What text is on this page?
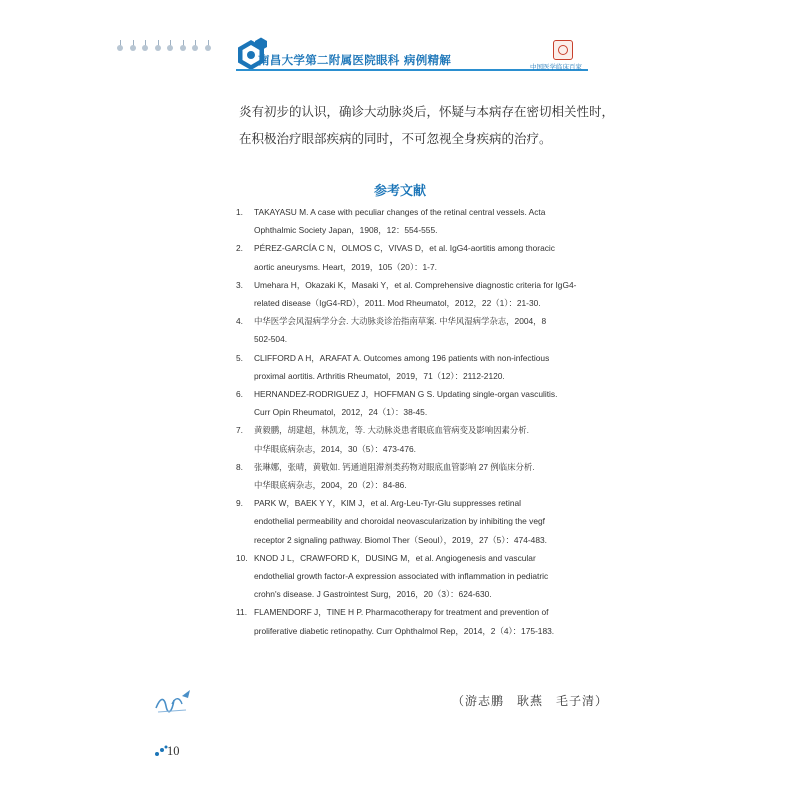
南昌大学第二附属医院眼科 病例精解	中国医学临床百家
炎有初步的认识，确诊大动脉炎后，怀疑与本病存在密切相关性时，
在积极治疗眼部疾病的同时，不可忽视全身疾病的治疗。
参考文献
1. TAKAYASU M. A case with peculiar changes of the retinal central vessels. Acta
Ophthalmic Society Japan，1908，12：554-555.
2. PÉREZ-GARCÍA C N，OLMOS C，VIVAS D，et al. IgG4-aortitis among thoracic
aortic aneurysms. Heart，2019，105（20）：1-7.
3. Umehara H，Okazaki K，Masaki Y，et al. Comprehensive diagnostic criteria for IgG4-
related disease（IgG4-RD），2011. Mod Rheumatol，2012，22（1）：21-30.
4. 中华医学会风湿病学分会. 大动脉炎诊治指南草案. 中华风湿病学杂志，2004，8
502-504.
5. CLIFFORD A H，ARAFAT A. Outcomes among 196 patients with non-infectious
proximal aortitis. Arthritis Rheumatol，2019，71（12）：2112-2120.
6. HERNANDEZ-RODRIGUEZ J，HOFFMAN G S. Updating single-organ vasculitis.
Curr Opin Rheumatol，2012，24（1）：38-45.
7. 黄毅鹏，胡建超，林凯龙，等. 大动脉炎患者眼底血管病变及影响因素分析.
中华眼底病杂志，2014，30（5）：473-476.
8. 张琳娜，张晴，黄敬如. 钙通道阻滞剂类药物对眼底血管影响 27 例临床分析.
中华眼底病杂志，2004，20（2）：84-86.
9. PARK W，BAEK Y Y，KIM J，et al. Arg-Leu-Tyr-Glu suppresses retinal
endothelial permeability and choroidal neovascularization by inhibiting the vegf
receptor 2 signaling pathway. Biomol Ther（Seoul），2019，27（5）：474-483.
10. KNOD J L，CRAWFORD K，DUSING M，et al. Angiogenesis and vascular
endothelial growth factor-A expression associated with inflammation in pediatric
crohn's disease. J Gastrointest Surg，2016，20（3）：624-630.
11. FLAMENDORF J，TINE H P. Pharmacotherapy for treatment and prevention of
proliferative diabetic retinopathy. Curr Ophthalmol Rep，2014，2（4）：175-183.
（游志鹏　耿燕　毛子清）
10
